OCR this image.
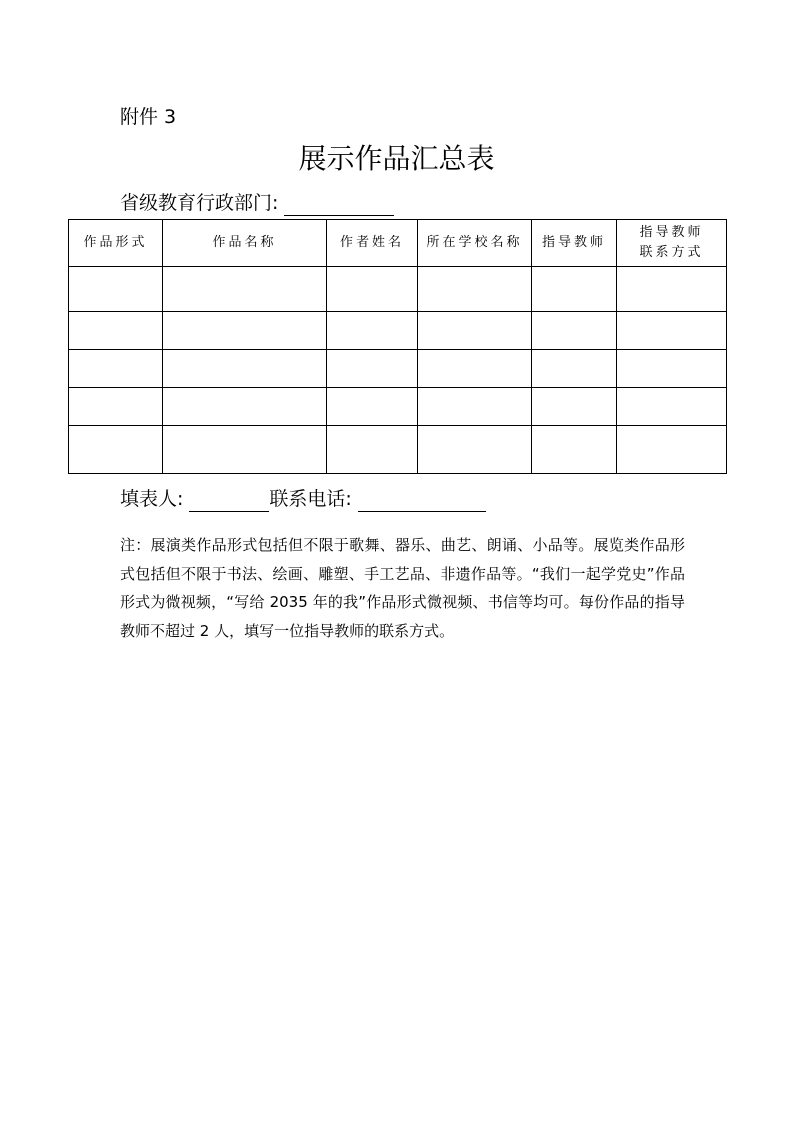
附件 3
展示作品汇总表
省级教育行政部门:
作品形式	作品名称	作者姓名	所在学校名称	指导教师	指导教师
联系方式

填表人:	联系电话:

注：展演类作品形式包括但不限于歌舞、器乐、曲艺、朗诵、小品等。展览类作品形式包括但不限于书法、绘画、雕塑、手工艺品、非遗作品等。“我们一起学党史”作品形式为微视频，“写给 2035 年的我”作品形式微视频、书信等均可。每份作品的指导教师不超过 2 人，填写一位指导教师的联系方式。
